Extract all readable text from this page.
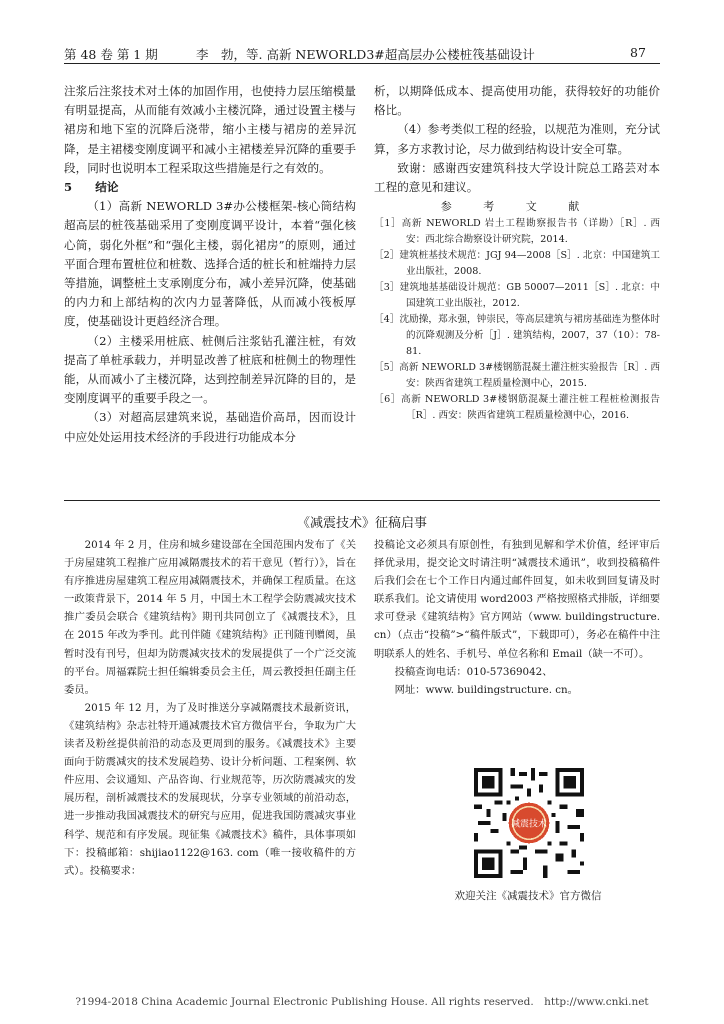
第 48 卷 第 1 期	李　勃，等. 高新 NEWORLD3#超高层办公楼桩筏基础设计	87

注浆后注浆技术对土体的加固作用，也使持力层压缩模量有明显提高，从而能有效减小主楼沉降，通过设置主楼与裙房和地下室的沉降后浇带，缩小主楼与裙房的差异沉降，是主裙楼变刚度调平和减小主裙楼差异沉降的重要手段，同时也说明本工程采取这些措施是行之有效的。

5　　结论

（1）高新 NEWORLD 3#办公楼框架-核心筒结构超高层的桩筏基础采用了变刚度调平设计，本着“强化核心筒，弱化外框”和“强化主楼，弱化裙房”的原则，通过平面合理布置桩位和桩数、选择合适的桩长和桩端持力层等措施，调整桩土支承刚度分布，减小差异沉降，使基础的内力和上部结构的次内力显著降低，从而减小筏板厚度，使基础设计更趋经济合理。

（2）主楼采用桩底、桩侧后注浆钻孔灌注桩，有效提高了单桩承载力，并明显改善了桩底和桩侧土的物理性能，从而减小了主楼沉降，达到控制差异沉降的目的，是变刚度调平的重要手段之一。

（3）对超高层建筑来说，基础造价高昂，因而设计中应处处运用技术经济的手段进行功能成本分

析，以期降低成本、提高使用功能，获得较好的功能价格比。

（4）参考类似工程的经验，以规范为准则，充分试算，多方求教讨论，尽力做到结构设计安全可靠。

致谢：感谢西安建筑科技大学设计院总工路芸对本工程的意见和建议。

参 考 文 献

［1］高新 NEWORLD 岩土工程勘察报告书（详勘）［R］. 西安：西北综合勘察设计研究院，2014.

［2］建筑桩基技术规范：JGJ 94—2008［S］. 北京：中国建筑工业出版社，2008.

［3］建筑地基基础设计规范：GB 50007—2011［S］. 北京：中国建筑工业出版社，2012.

［4］沈励操，郑永强，钟崇民，等高层建筑与裙房基础连为整体时的沉降观测及分析［J］. 建筑结构，2007，37（10）：78-81.

［5］高新 NEWORLD 3#楼钢筋混凝土灌注桩实验报告［R］. 西安：陕西省建筑工程质量检测中心，2015.

［6］高新 NEWORLD 3#楼钢筋混凝土灌注桩工程桩检测报告［R］. 西安：陕西省建筑工程质量检测中心，2016.

《减震技术》征稿启事

2014 年 2 月，住房和城乡建设部在全国范围内发布了《关于房屋建筑工程推广应用减隔震技术的若干意见（暂行）》，旨在有序推进房屋建筑工程应用减隔震技术，并确保工程质量。在这一政策背景下，2014 年 5 月，中国土木工程学会防震减灾技术推广委员会联合《建筑结构》期刊共同创立了《减震技术》，且在 2015 年改为季刊。此刊伴随《建筑结构》正刊随刊赠阅，虽暂时没有刊号，但却为防震减灾技术的发展提供了一个广泛交流的平台。周福霖院士担任编辑委员会主任，周云教授担任副主任委员。

2015 年 12 月，为了及时推送分享减隔震技术最新资讯，《建筑结构》杂志社特开通减震技术官方微信平台，争取为广大读者及粉丝提供前沿的动态及更周到的服务。《减震技术》主要面向于防震减灾的技术发展趋势、设计分析问题、工程案例、软件应用、会议通知、产品咨询、行业规范等，历次防震减灾的发展历程，剖析减震技术的发展现状，分享专业领域的前沿动态，进一步推动我国减震技术的研究与应用，促进我国防震减灾事业科学、规范和有序发展。现征集《减震技术》稿件，具体事项如下：投稿邮箱：shijiao1122@163. com（唯一接收稿件的方式）。投稿要求：

投稿论文必须具有原创性，有独到见解和学术价值，经评审后择优录用，提交论文时请注明“减震技术通讯”，收到投稿稿件后我们会在七个工作日内通过邮件回复，如未收到回复请及时联系我们。论文请使用 word2003 严格按照格式排版，详细要求可登录《建筑结构》官方网站（www. buildingstructure. cn）（点击“投稿”>“稿件版式”，下载即可），务必在稿件中注明联系人的姓名、手机号、单位名称和 Email（缺一不可）。

投稿查询电话：010-57369042、

网址：www. buildingstructure. cn。

减震技术
欢迎关注《减震技术》官方微信
?1994-2018 China Academic Journal Electronic Publishing House. All rights reserved.　http://www.cnki.net
